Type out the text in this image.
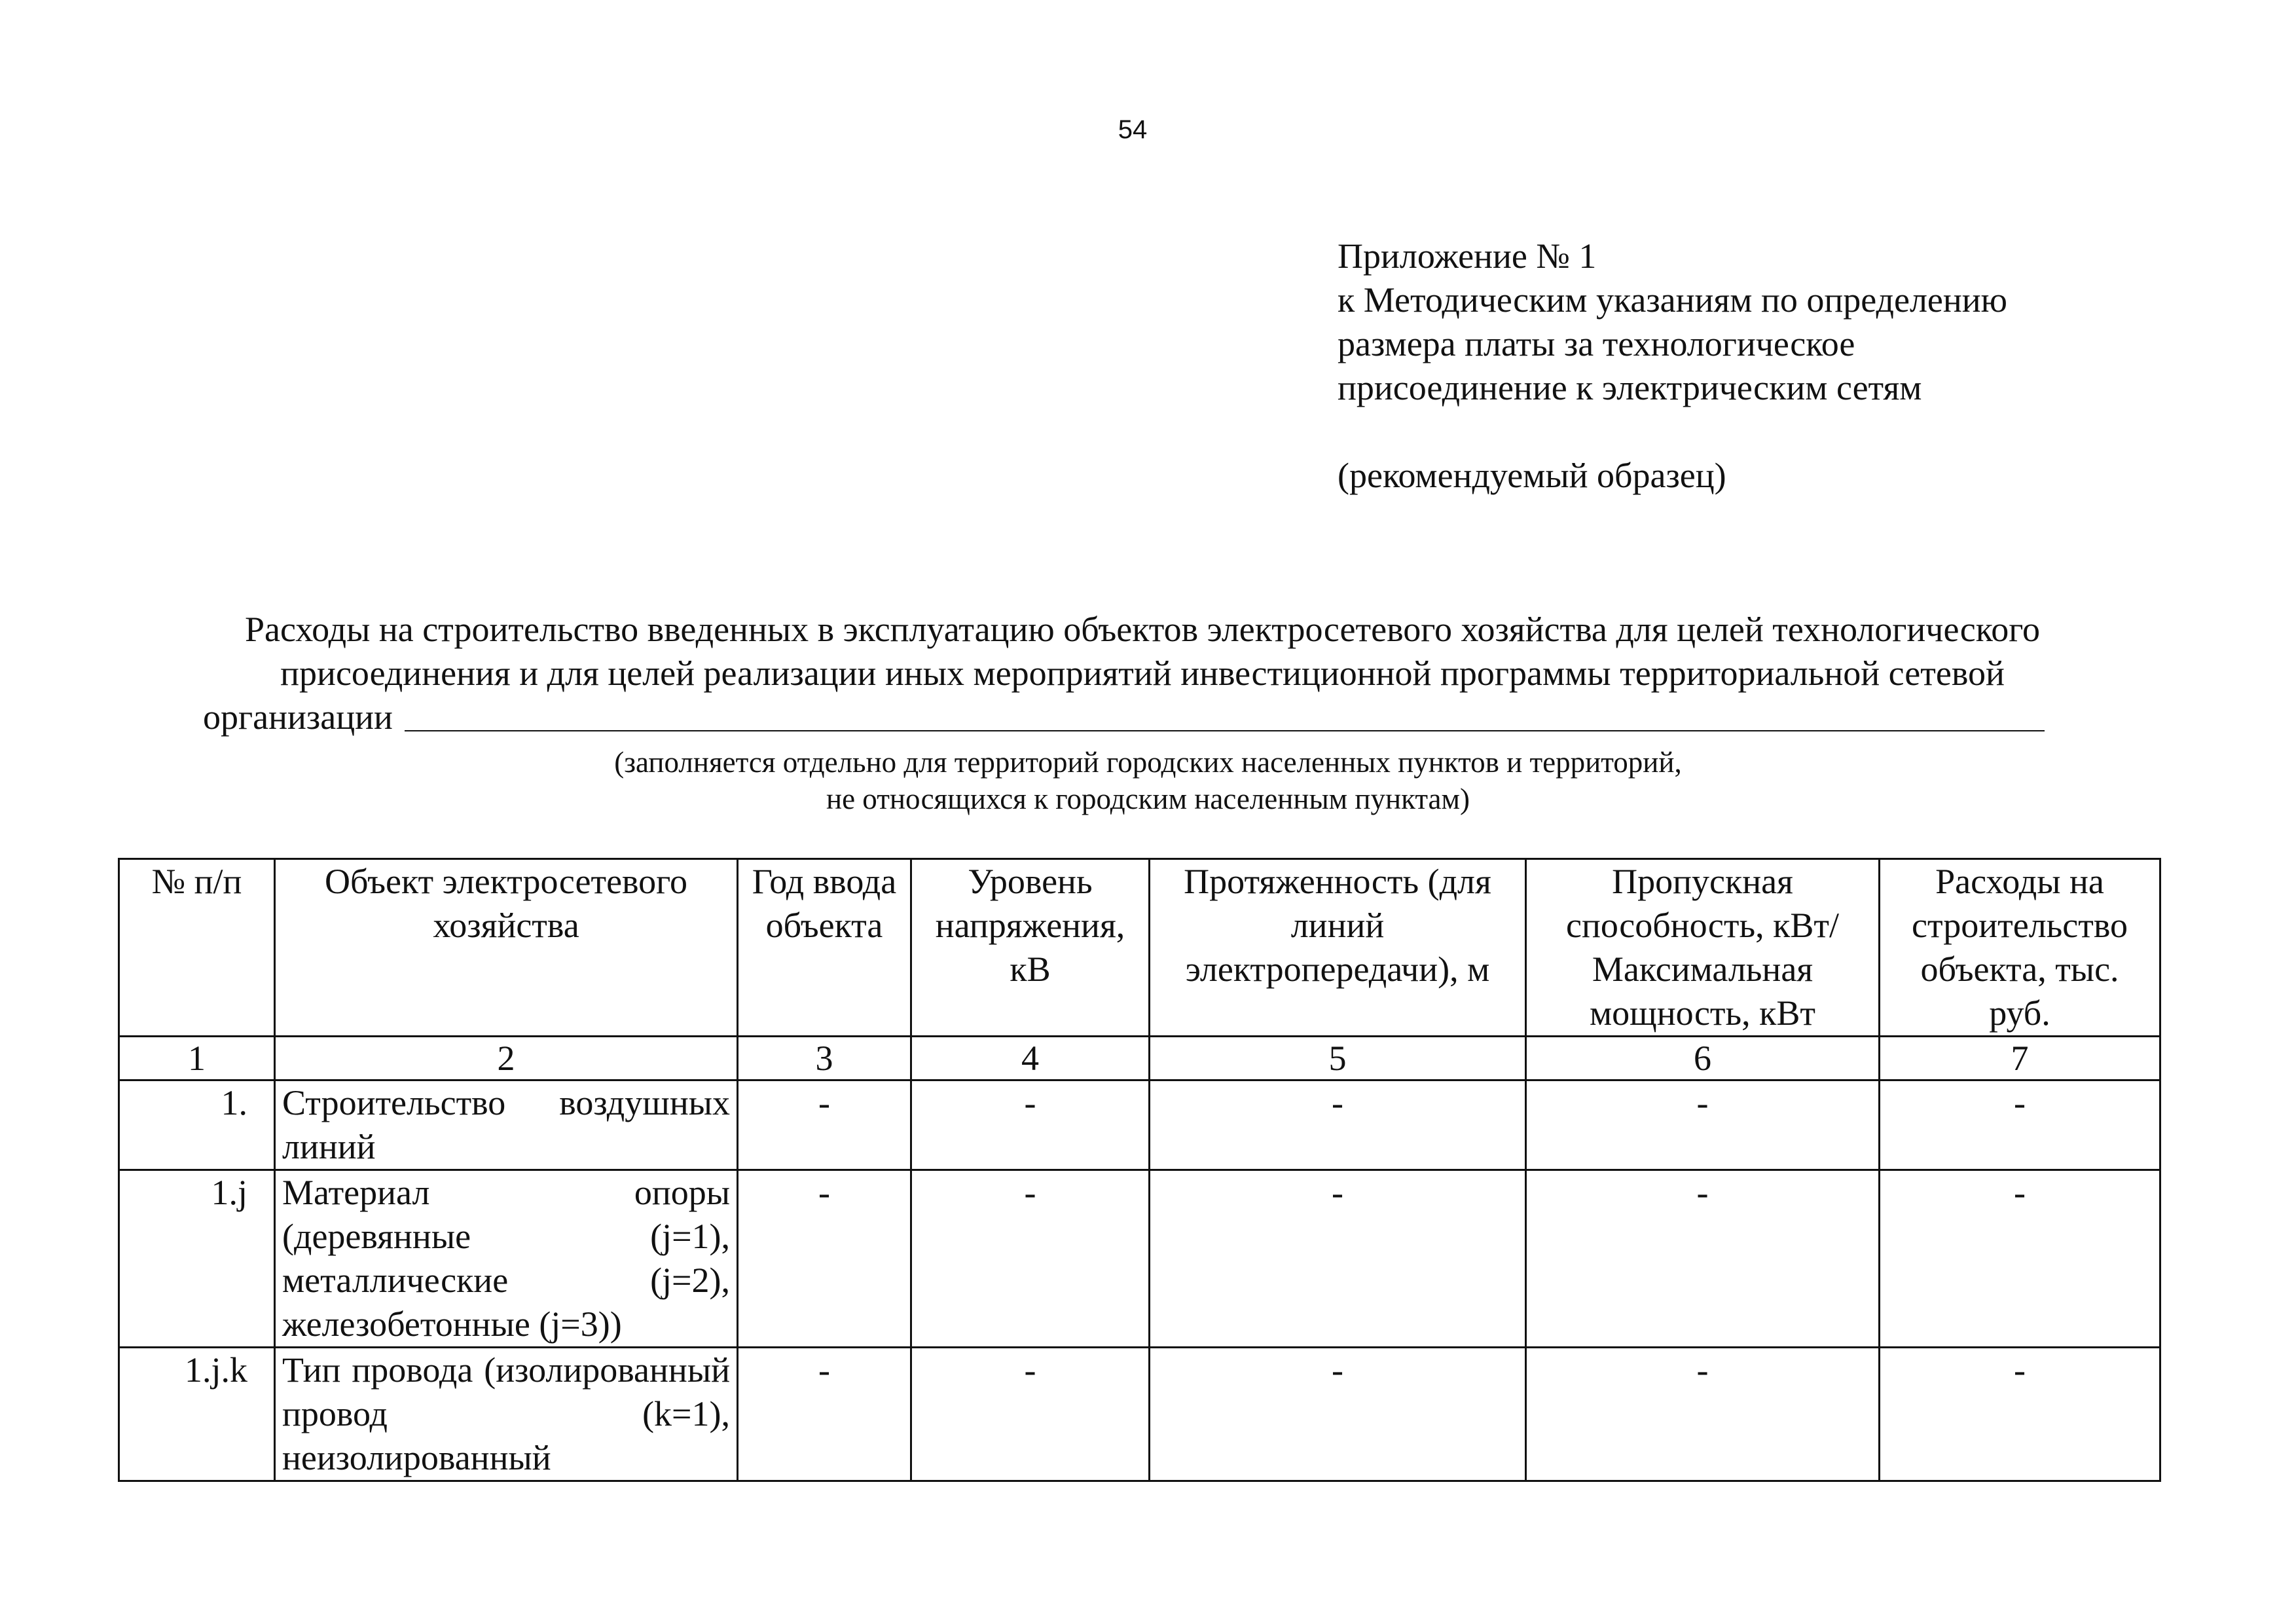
54
Приложение № 1
к Методическим указаниям по определению
размера платы за технологическое
присоединение к электрическим сетям
(рекомендуемый образец)
Расходы на строительство введенных в эксплуатацию объектов электросетевого хозяйства для целей технологического
присоединения и для целей реализации иных мероприятий инвестиционной программы территориальной сетевой
организации
(заполняется отдельно для территорий городских населенных пунктов и территорий,
не относящихся к городским населенным пунктам)
№ п/п	Объект электросетевого хозяйства	Год ввода объекта	Уровень напряжения, кВ	Протяженность (для линий электропередачи), м	Пропускная способность, кВт/ Максимальная мощность, кВт	Расходы на строительство объекта, тыс. руб.
1	2	3	4	5	6	7
1.	Строительство воздушных линий	-	-	-	-	-
1.j	Материал опоры (деревянные (j=1), металлические (j=2), железобетонные (j=3))	-	-	-	-	-
1.j.k	Тип провода (изолированный провод (k=1), неизолированный	-	-	-	-	-
